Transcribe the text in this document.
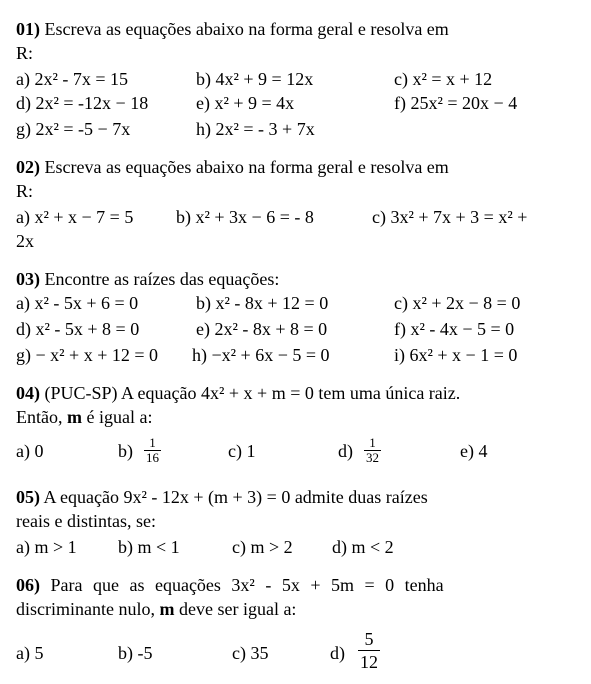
01) Escreva as equações abaixo na forma geral e resolva em
R:
a) 2x² - 7x = 15	b) 4x² + 9 = 12x	c) x² = x + 12
d) 2x² = -12x − 18	e) x² + 9 = 4x	f) 25x² = 20x − 4
g) 2x² = -5 − 7x	h) 2x² = - 3 + 7x
02) Escreva as equações abaixo na forma geral e resolva em
R:
a) x² + x − 7 = 5 b) x² + 3x − 6 = - 8	c) 3x² + 7x + 3 = x² +
2x
03) Encontre as raízes das equações:
a) x² - 5x + 6 = 0	b) x² - 8x + 12 = 0	c) x² + 2x − 8 = 0
d) x² - 5x + 8 = 0	e) 2x² - 8x + 8 = 0	f) x² - 4x − 5 = 0
g) − x² + x + 12 = 0 h) −x² + 6x − 5 = 0	i) 6x² + x − 1 = 0
04) (PUC-SP) A equação 4x² + x + m = 0 tem uma única raiz.
Então, m é igual a:
a) 0	b) 1
16	c) 1	d) 1
32	e) 4
05) A equação 9x² - 12x + (m + 3) = 0 admite duas raízes
reais e distintas, se:
a) m > 1 b) m < 1	c) m > 2 d) m < 2
06) Para que as equações 3x² - 5x + 5m = 0 tenha
discriminante nulo, m deve ser igual a:
a) 5	b) -5	c) 35	d)
5
12
